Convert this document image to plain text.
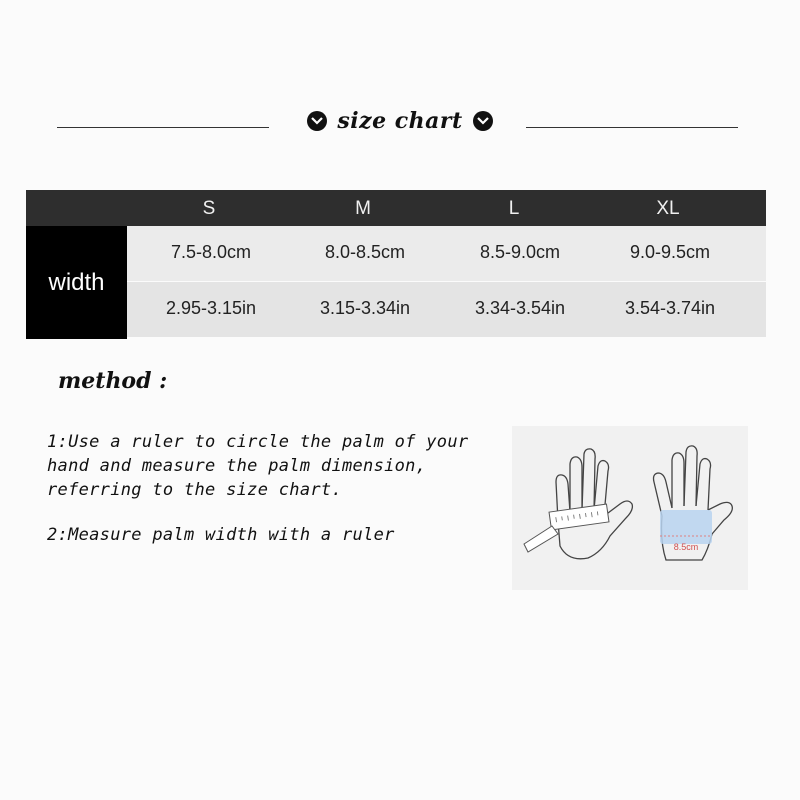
size chart
S	M	L	XL
width
7.5-8.0cm	8.0-8.5cm	8.5-9.0cm	9.0-9.5cm
2.95-3.15in	3.15-3.34in	3.34-3.54in	3.54-3.74in
method :
1:Use a ruler to circle the palm of your hand and measure the palm dimension, referring to the size chart.
2:Measure palm width with a ruler
8.5cm
